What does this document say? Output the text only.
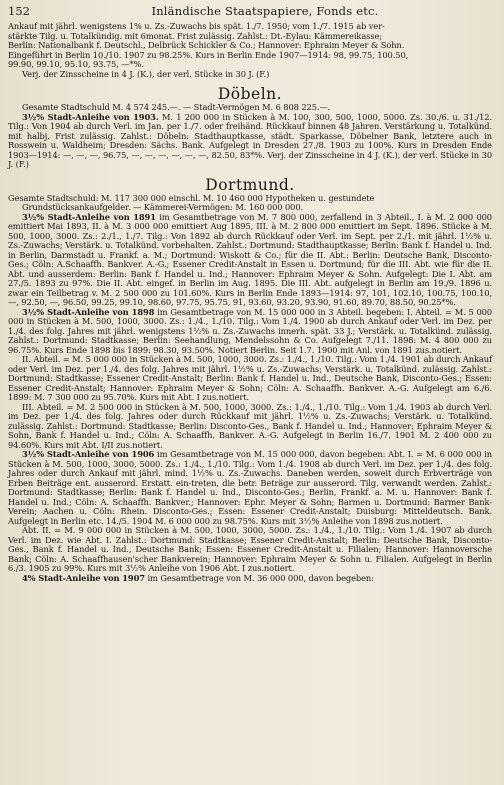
152	Inländische Staatspapiere, Fonds etc.

Ankauf mit jährl. wenigstens 1% u. Zs.-Zuwachs bis spät. 1./7. 1950; vom 1./7. 1915 ab ver-

stärkte Tilg. u. Totalkündig. mit 6monat. Frist zulässig. Zahlst.: Dt.-Eylau: Kämmereikasse;

Berlin: Nationalbank f. Deutschl., Delbrück Schickler & Co.; Hannover: Ephraim Meyer & Sohn.

Eingeführt in Berlin 10./10. 1907 zu 98.25%. Kurs in Berlin Ende 1907—1914: 98, 99.75, 100.50,

99.90, 99.10, 95.10, 93.75, —*%.

Verj. der Zinsscheine in 4 J. (K.), der verl. Stücke in 30 J. (F.)

Döbeln.

Gesamte Stadtschuld M. 4 574 245.—. — Stadt-Vermögen M. 6 808 225.—.

3½% Stadt-Anleihe von 1903. M. 1 200 000 in Stücken à M. 100, 300, 500, 1000, 5000. Zs. 30./6. u. 31./12. Tilg.: Von 1904 ab durch Verl. im Jan. per 1./7. oder freihänd. Rückkauf binnen 48 Jahren. Verstärkung u. Totalkünd. mit halbj. Frist zulässig. Zahlst.: Döbeln: Stadthauptkasse, städt. Sparkasse, Döbelner Bank, letztere auch in Rosswein u. Waldheim; Dresden: Sächs. Bank. Aufgelegt in Dresden 27./8. 1903 zu 100%. Kurs in Dresden Ende 1903—1914: —, —, —, 96.75, —, —, —, —, —, —, 82.50, 83*%. Verj. der Zinsscheine in 4 J. (K.), der verl. Stücke in 30 J. (F.)

Dortmund.

Gesamte Stadtschuld: M. 117 300 000 einschl. M. 10 460 000 Hypotheken u. gestundete

Grundstücksankaufgelder. — Kämmerei-Vermögen: M. 160 000 000.

3½% Stadt-Anleihe von 1891 im Gesamtbetrage von M. 7 800 000, zerfallend in 3 Abteil., I. à M. 2 000 000 emittiert Mai 1893, II. à M. 3 000 000 emittiert Aug 1895, III. à M. 2 800 000 emittiert im Sept. 1896. Stücke à M. 500, 1000, 3000. Zs.: 2./1., 1./7. Tilg.: Von 1892 ab durch Rückkauf oder Verl. im Sept. per 2./1. mit jährl. 1½% u. Zs.-Zuwachs; Verstärk. u. Totalkünd. vorbehalten. Zahlst.: Dortmund: Stadthauptkasse; Berlin: Bank f. Handel u. Ind. in Berlin, Darmstadt u. Frankf. a. M.; Dortmund: Wiskott & Co.; für die II. Abt.: Berlin: Deutsche Bank, Disconto-Ges.; Cöln: A.Schaaffh. Bankver. A.-G.; Essener Credit-Anstalt in Essen u. Dortmund; für die III. Abt. wie für die II. Abt. und ausserdem: Berlin: Bank f. Handel u. Ind.; Hannover: Ephraim Meyer & Sohn. Aufgelegt: Die I. Abt. am 27./5. 1893 zu 97%. Die II. Abt. eingef. in Berlin im Aug. 1895. Die III. Abt. aufgelegt in Berlin am 19./9. 1896 u. zwar ein Teilbetrag v. M. 2 500 000 zu 101.60%. Kurs in Berlin Ende 1893—1914: 97, 101, 102.10, 100.75, 100.10, —, 92.50, —, 96.50, 99.25, 99.10, 98.60, 97.75, 95.75, 91, 93.60, 93.20, 93.90, 91.60, 89.70, 88.50, 90.25*%.

3½% Stadt-Anleihe von 1898 im Gesamtbetrage von M. 15 000 000 in 3 Abteil. begeben: I. Abteil. = M. 5 000 000 in Stücken à M. 500, 1000, 3000. Zs.: 1./4., 1./10. Tilg.: Vom 1./4. 1900 ab durch Ankauf oder Verl. im Dez. per 1./4. des folg. Jahres mit jährl. wenigstens 1½% u. Zs.-Zuwachs innerh. spät. 33 J.; Verstärk. u. Totalkünd. zulässig. Zahlst.: Dortmund: Stadtkasse; Berlin: Seehandlung, Mendelssohn & Co. Aufgelegt 7./11. 1898: M. 4 800 000 zu 96.75%. Kurs Ende 1898 bis 1899: 98.30, 93.50%. Notiert Berlin. Seit 1.7. 1900 mit Anl. von 1891 zus.notiert.

II. Abteil. = M. 5 000 000 in Stücken à M. 500, 1000, 3000. Zs.: 1./4., 1./10. Tilg.: Vom 1./4. 1901 ab durch Ankauf oder Verl. im Dez. per 1./4. des folg. Jahres mit jährl. 1½% u. Zs.-Zuwachs; Verstärk. u. Totalkünd. zulässig. Zahlst.: Dortmund: Stadtkasse; Essener Credit-Anstalt; Berlin: Bank f. Handel u. Ind., Deutsche Bank, Disconto-Ges.; Essen: Essener Credit-Anstalt; Hannover: Ephraim Meyer & Sohn; Cöln: A. Schaaffh. Bankver. A.-G. Aufgelegt am 6./6. 1899: M. 7 300 000 zu 95.70%. Kurs mit Abt. I zus.notiert.

III. Abteil. = M. 2 500 000 in Stücken à M. 500, 1000, 3000. Zs.: 1./4., 1./10. Tilg.: Vom 1./4. 1903 ab durch Verl. im Dez. per 1./4. des folg. Jahres oder durch Rückkauf mit jährl. 1½% u. Zs.-Zuwachs; Verstärk. u. Totalkünd. zulässig. Zahlst.: Dortmund: Stadtkasse; Berlin: Disconto-Ges., Bank f. Handel u. Ind.; Hannover: Ephraim Meyer & Sohn, Bank f. Handel u. Ind.; Cöln: A. Schaaffh. Bankver. A.-G. Aufgelegt in Berlin 16./7. 1901 M. 2 400 000 zu 94.60%. Kurs mit Abt. I/II zus.notiert.

3½% Stadt-Anleihe von 1906 im Gesamtbetrage von M. 15 000 000, davon begeben: Abt. I. = M. 6 000 000 in Stücken à M. 500, 1000, 3000, 5000. Zs.: 1./4., 1./10. Tilg.: Vom 1./4. 1908 ab durch Verl. im Dez. per 1./4. des folg. Jahres oder durch Ankauf mit jährl. mind. 1½% u. Zs.-Zuwachs. Daneben werden, soweit durch Erbverträge von Erben Beiträge ent. ausserord. Erstatt. ein-treten, die betr. Beträge zur ausserord. Tilg. verwandt werden. Zahlst.: Dortmund: Stadtkasse; Berlin: Bank f. Handel u. Ind., Disconto-Ges.; Berlin, Frankf. a. M. u. Hannover: Bank f. Handel u. Ind.; Cöln: A. Schaaffh. Bankver.; Hannover: Ephr. Meyer & Sohn; Barmen u. Dortmund: Barmer Bank-Verein; Aachen u. Cöln: Rhein. Disconto-Ges.; Essen: Essener Credit-Anstalt; Duisburg: Mitteldeutsch. Bank. Aufgelegt in Berlin etc. 14./5. 1904 M. 6 000 000 zu 98.75%. Kurs mit 3½% Anleihe von 1898 zus.notiert.

Abt. II. = M. 9 000 000 in Stücken à M. 500, 1000, 3000, 5000. Zs.: 1./4., 1./10. Tilg.: Vom 1./4. 1907 ab durch Verl. im Dez. wie Abt. I. Zahlst.: Dortmund: Stadtkasse; Essener Credit-Anstalt; Berlin: Deutsche Bank, Disconto-Ges., Bank f. Handel u. Ind., Deutsche Bank; Essen: Essener Credit-Anstalt u. Filialen; Hannover: Hannoversche Bank; Cöln: A. Schaaffhausen'scher Bankverein; Hannover: Ephraim Meyer & Sohn u. Filialen. Aufgelegt in Berlin 6./3. 1905 zu 99%. Kurs mit 3½% Anleihe von 1906 Abt. I zus.notiert.

4% Stadt-Anleihe von 1907 im Gesamtbetrage von M. 36 000 000, davon begeben:
